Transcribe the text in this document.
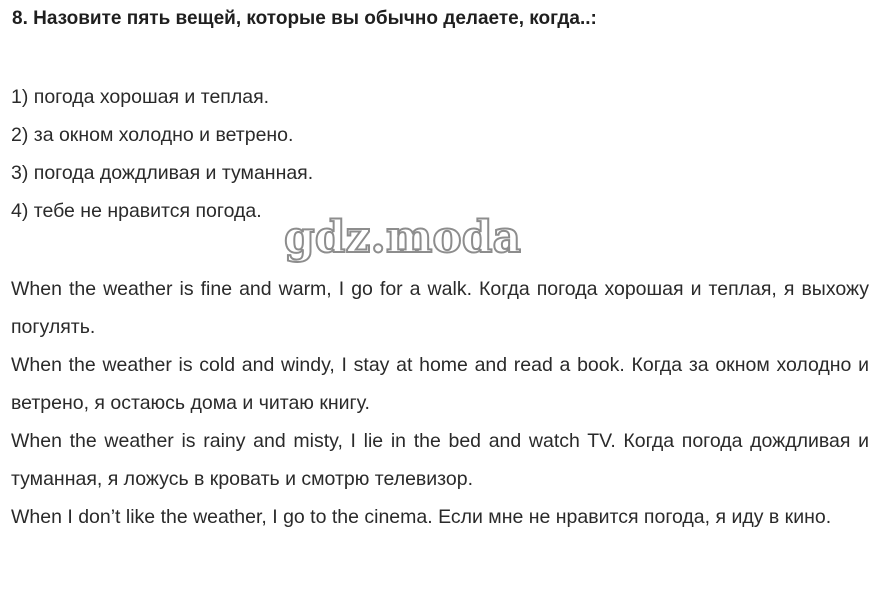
8. Назовите пять вещей, которые вы обычно делаете, когда..:
1) погода хорошая и теплая.
2) за окном холодно и ветрено.
3) погода дождливая и туманная.
4) тебе не нравится погода.
gdz.moda

When the weather is fine and warm, I go for a walk. Когда погода хорошая и теплая, я выхожу погулять.

When the weather is cold and windy, I stay at home and read a book. Когда за окном холодно и ветрено, я остаюсь дома и читаю книгу.

When the weather is rainy and misty, I lie in the bed and watch TV. Когда погода дождливая и туманная, я ложусь в кровать и смотрю телевизор.

When I don’t like the weather, I go to the cinema. Если мне не нравится погода, я иду в кино.
